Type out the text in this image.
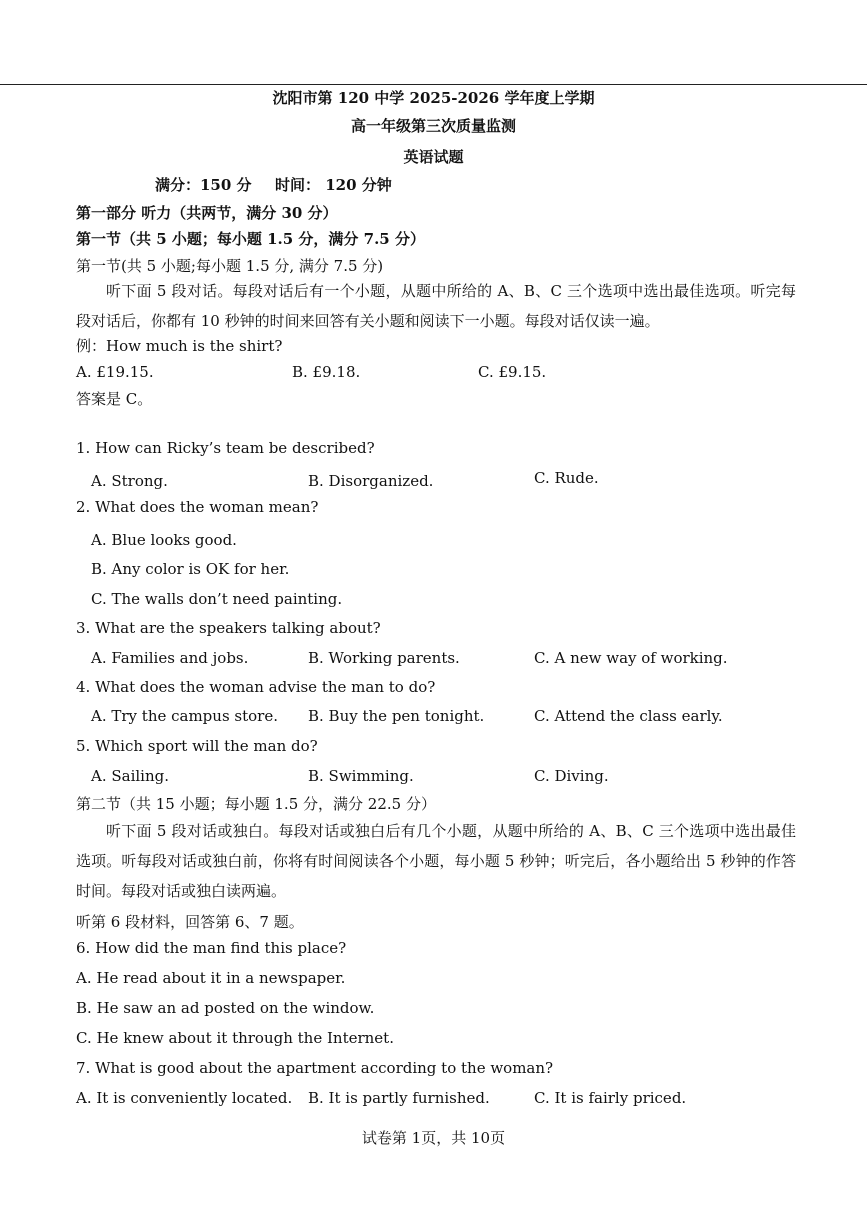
沈阳市第 120 中学 2025-2026 学年度上学期
高一年级第三次质量监测
英语试题
满分：150 分 时间： 120 分钟
第一部分 听力（共两节，满分 30 分）
第一节（共 5 小题；每小题 1.5 分，满分 7.5 分）
第一节(共 5 小题;每小题 1.5 分, 满分 7.5 分)
听下面 5 段对话。每段对话后有一个小题，从题中所给的 A、B、C 三个选项中选出最佳选项。听完每段对话后，你都有 10 秒钟的时间来回答有关小题和阅读下一小题。每段对话仅读一遍。
例：How much is the shirt?
A. £19.15.	B. £9.18.	C. £9.15.
答案是 C。
1. How can Ricky’s team be described?
A. Strong.	B. Disorganized.	C. Rude.
2. What does the woman mean?
A. Blue looks good.
B. Any color is OK for her.
C. The walls don’t need painting.
3. What are the speakers talking about?
A. Families and jobs.	B. Working parents.	C. A new way of working.
4. What does the woman advise the man to do?
A. Try the campus store. B. Buy the pen tonight.	C. Attend the class early.
5. Which sport will the man do?
A. Sailing.	B. Swimming.	C. Diving.
第二节（共 15 小题；每小题 1.5 分，满分 22.5 分）
听下面 5 段对话或独白。每段对话或独白后有几个小题，从题中所给的 A、B、C 三个选项中选出最佳选项。听每段对话或独白前，你将有时间阅读各个小题，每小题 5 秒钟；听完后，各小题给出 5 秒钟的作答时间。每段对话或独白读两遍。
听第 6 段材料，回答第 6、7 题。
6. How did the man find this place?
A. He read about it in a newspaper.
B. He saw an ad posted on the window.
C. He knew about it through the Internet.
7. What is good about the apartment according to the woman?
A. It is conveniently located. B. It is partly furnished.	C. It is fairly priced.
试卷第 1页，共 10页
